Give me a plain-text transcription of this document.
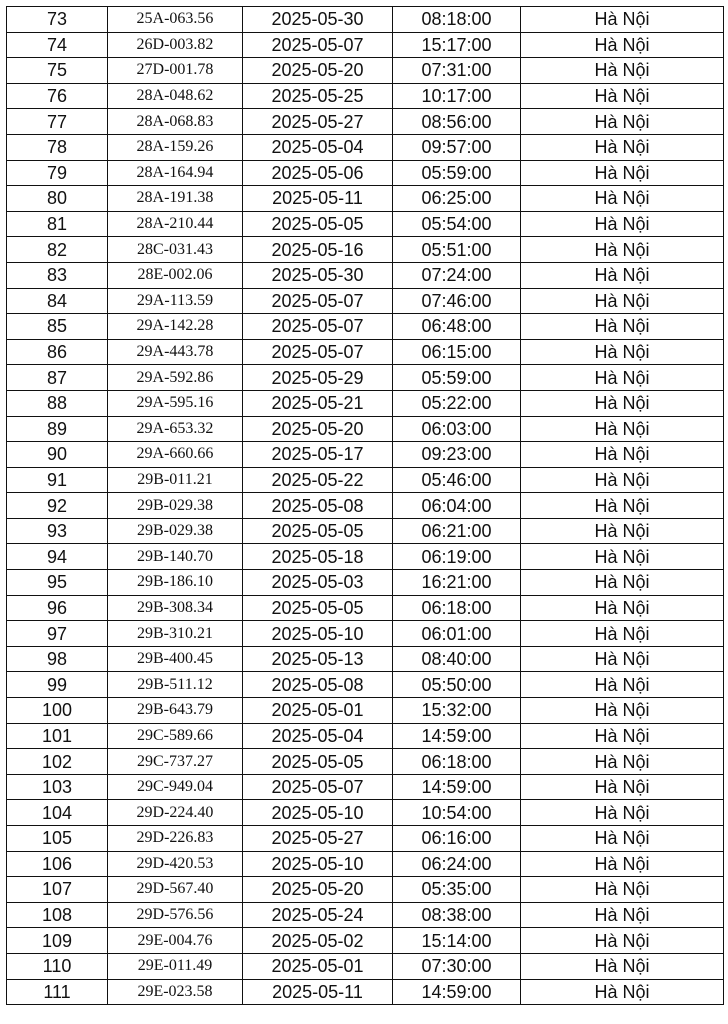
73	25A-063.56	2025-05-30	08:18:00	Hà Nội
74	26D-003.82	2025-05-07	15:17:00	Hà Nội
75	27D-001.78	2025-05-20	07:31:00	Hà Nội
76	28A-048.62	2025-05-25	10:17:00	Hà Nội
77	28A-068.83	2025-05-27	08:56:00	Hà Nội
78	28A-159.26	2025-05-04	09:57:00	Hà Nội
79	28A-164.94	2025-05-06	05:59:00	Hà Nội
80	28A-191.38	2025-05-11	06:25:00	Hà Nội
81	28A-210.44	2025-05-05	05:54:00	Hà Nội
82	28C-031.43	2025-05-16	05:51:00	Hà Nội
83	28E-002.06	2025-05-30	07:24:00	Hà Nội
84	29A-113.59	2025-05-07	07:46:00	Hà Nội
85	29A-142.28	2025-05-07	06:48:00	Hà Nội
86	29A-443.78	2025-05-07	06:15:00	Hà Nội
87	29A-592.86	2025-05-29	05:59:00	Hà Nội
88	29A-595.16	2025-05-21	05:22:00	Hà Nội
89	29A-653.32	2025-05-20	06:03:00	Hà Nội
90	29A-660.66	2025-05-17	09:23:00	Hà Nội
91	29B-011.21	2025-05-22	05:46:00	Hà Nội
92	29B-029.38	2025-05-08	06:04:00	Hà Nội
93	29B-029.38	2025-05-05	06:21:00	Hà Nội
94	29B-140.70	2025-05-18	06:19:00	Hà Nội
95	29B-186.10	2025-05-03	16:21:00	Hà Nội
96	29B-308.34	2025-05-05	06:18:00	Hà Nội
97	29B-310.21	2025-05-10	06:01:00	Hà Nội
98	29B-400.45	2025-05-13	08:40:00	Hà Nội
99	29B-511.12	2025-05-08	05:50:00	Hà Nội
100	29B-643.79	2025-05-01	15:32:00	Hà Nội
101	29C-589.66	2025-05-04	14:59:00	Hà Nội
102	29C-737.27	2025-05-05	06:18:00	Hà Nội
103	29C-949.04	2025-05-07	14:59:00	Hà Nội
104	29D-224.40	2025-05-10	10:54:00	Hà Nội
105	29D-226.83	2025-05-27	06:16:00	Hà Nội
106	29D-420.53	2025-05-10	06:24:00	Hà Nội
107	29D-567.40	2025-05-20	05:35:00	Hà Nội
108	29D-576.56	2025-05-24	08:38:00	Hà Nội
109	29E-004.76	2025-05-02	15:14:00	Hà Nội
110	29E-011.49	2025-05-01	07:30:00	Hà Nội
111	29E-023.58	2025-05-11	14:59:00	Hà Nội
